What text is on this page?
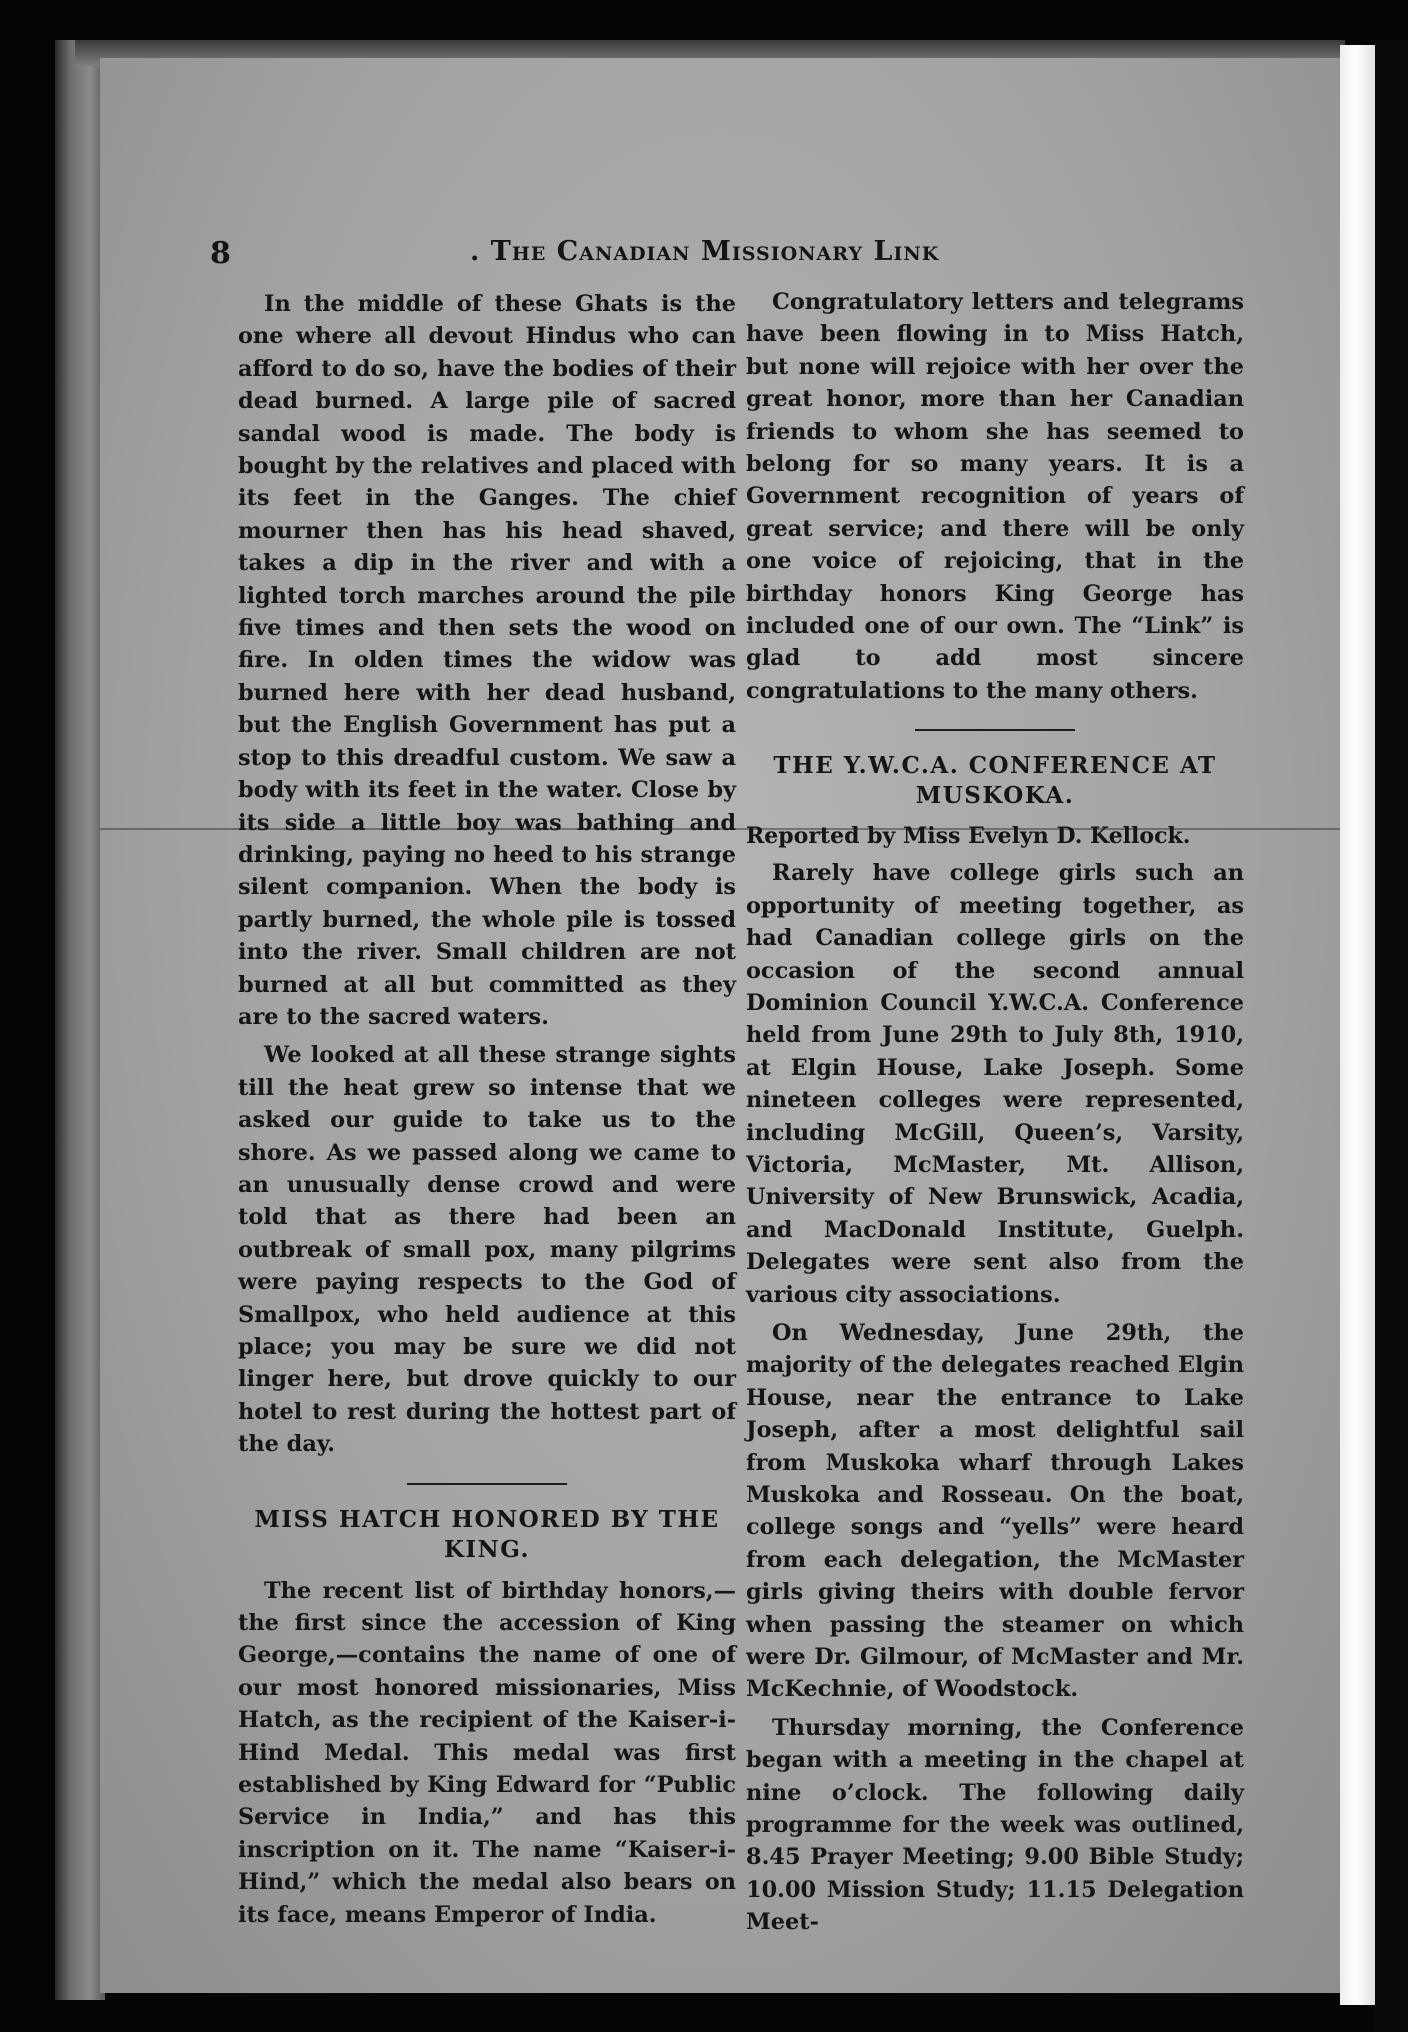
8	. The Canadian Missionary Link

In the middle of these Ghats is the one where all devout Hindus who can afford to do so, have the bodies of their dead burned. A large pile of sacred sandal wood is made. The body is bought by the relatives and placed with its feet in the Ganges. The chief mourner then has his head shaved, takes a dip in the river and with a lighted torch marches around the pile five times and then sets the wood on fire. In olden times the widow was burned here with her dead husband, but the English Government has put a stop to this dreadful custom. We saw a body with its feet in the water. Close by its side a little boy was bathing and drinking, paying no heed to his strange silent companion. When the body is partly burned, the whole pile is tossed into the river. Small children are not burned at all but committed as they are to the sacred waters.

We looked at all these strange sights till the heat grew so intense that we asked our guide to take us to the shore. As we passed along we came to an unusually dense crowd and were told that as there had been an outbreak of small pox, many pilgrims were paying respects to the God of Smallpox, who held audience at this place; you may be sure we did not linger here, but drove quickly to our hotel to rest during the hottest part of the day.

MISS HATCH HONORED BY THE KING.

The recent list of birthday honors,—the first since the accession of King George,—contains the name of one of our most honored missionaries, Miss Hatch, as the recipient of the Kaiser-i-Hind Medal. This medal was first established by King Edward for “Public Service in India,” and has this inscription on it. The name “Kaiser-i-Hind,” which the medal also bears on its face, means Emperor of India.

Congratulatory letters and telegrams have been flowing in to Miss Hatch, but none will rejoice with her over the great honor, more than her Canadian friends to whom she has seemed to belong for so many years. It is a Government recognition of years of great service; and there will be only one voice of rejoicing, that in the birthday honors King George has included one of our own. The “Link” is glad to add most sincere congratulations to the many others.

THE Y.W.C.A. CONFERENCE AT MUSKOKA.

Reported by Miss Evelyn D. Kellock.

Rarely have college girls such an opportunity of meeting together, as had Canadian college girls on the occasion of the second annual Dominion Council Y.W.C.A. Conference held from June 29th to July 8th, 1910, at Elgin House, Lake Joseph. Some nineteen colleges were represented, including McGill, Queen’s, Varsity, Victoria, McMaster, Mt. Allison, University of New Brunswick, Acadia, and MacDonald Institute, Guelph. Delegates were sent also from the various city associations.

On Wednesday, June 29th, the majority of the delegates reached Elgin House, near the entrance to Lake Joseph, after a most delightful sail from Muskoka wharf through Lakes Muskoka and Rosseau. On the boat, college songs and “yells” were heard from each delegation, the McMaster girls giving theirs with double fervor when passing the steamer on which were Dr. Gilmour, of McMaster and Mr. McKechnie, of Woodstock.

Thursday morning, the Conference began with a meeting in the chapel at nine o’clock. The following daily programme for the week was outlined, 8.45 Prayer Meeting; 9.00 Bible Study; 10.00 Mission Study; 11.15 Delegation Meet-
